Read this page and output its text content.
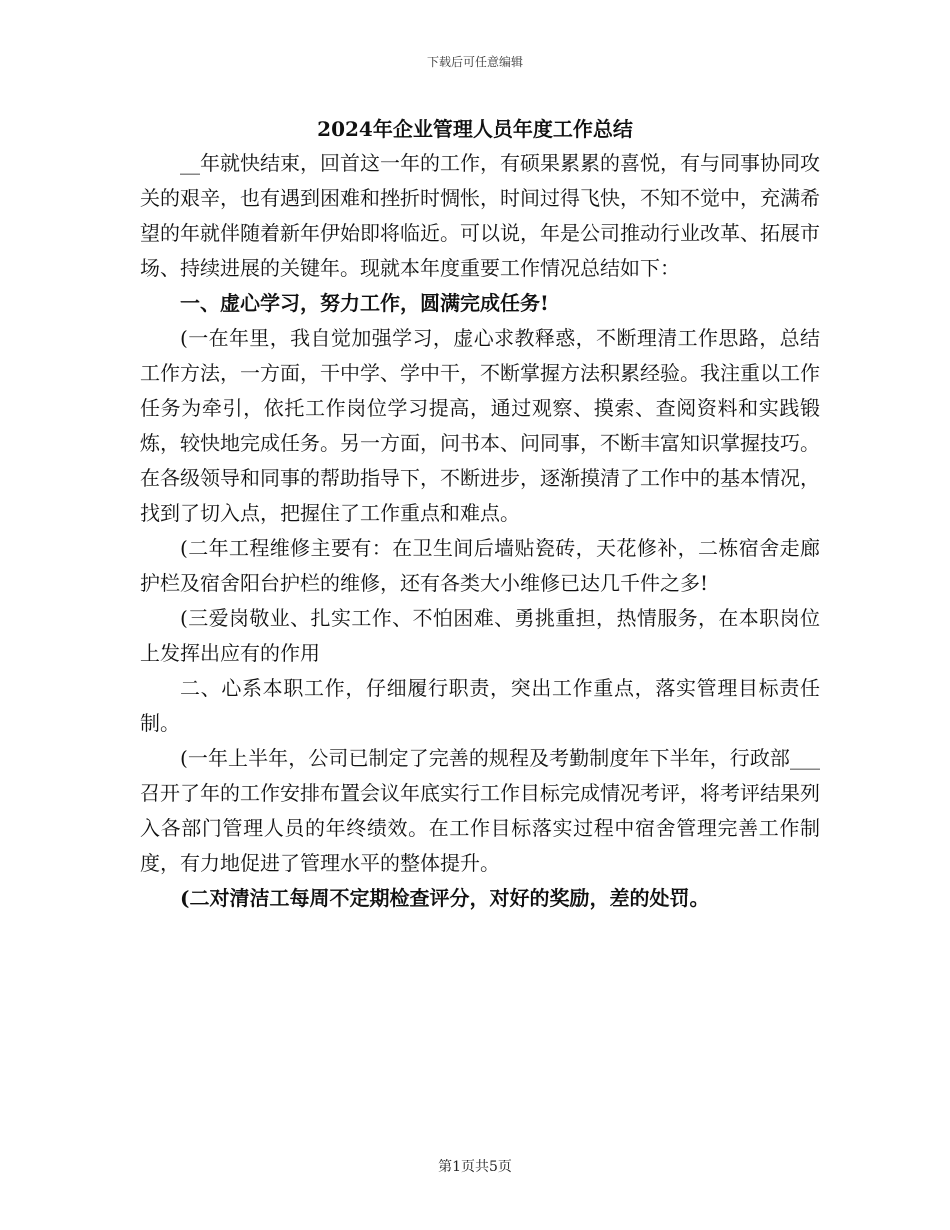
下载后可任意编辑
2024年企业管理人员年度工作总结

__年就快结束，回首这一年的工作，有硕果累累的喜悦，有与同事协同攻关的艰辛，也有遇到困难和挫折时惆怅，时间过得飞快，不知不觉中，充满希望的年就伴随着新年伊始即将临近。可以说，年是公司推动行业改革、拓展市场、持续进展的关键年。现就本年度重要工作情况总结如下：

一、虚心学习，努力工作，圆满完成任务!

(一在年里，我自觉加强学习，虚心求教释惑，不断理清工作思路，总结工作方法，一方面，干中学、学中干，不断掌握方法积累经验。我注重以工作任务为牵引，依托工作岗位学习提高，通过观察、摸索、查阅资料和实践锻炼，较快地完成任务。另一方面，问书本、问同事，不断丰富知识掌握技巧。在各级领导和同事的帮助指导下，不断进步，逐渐摸清了工作中的基本情况，找到了切入点，把握住了工作重点和难点。

(二年工程维修主要有：在卫生间后墙贴瓷砖，天花修补，二栋宿舍走廊护栏及宿舍阳台护栏的维修，还有各类大小维修已达几千件之多!

(三爱岗敬业、扎实工作、不怕困难、勇挑重担，热情服务，在本职岗位上发挥出应有的作用

二、心系本职工作，仔细履行职责，突出工作重点，落实管理目标责任制。

(一年上半年，公司已制定了完善的规程及考勤制度年下半年，行政部___召开了年的工作安排布置会议年底实行工作目标完成情况考评，将考评结果列入各部门管理人员的年终绩效。在工作目标落实过程中宿舍管理完善工作制度，有力地促进了管理水平的整体提升。

(二对清洁工每周不定期检查评分，对好的奖励，差的处罚。

第1页共5页
